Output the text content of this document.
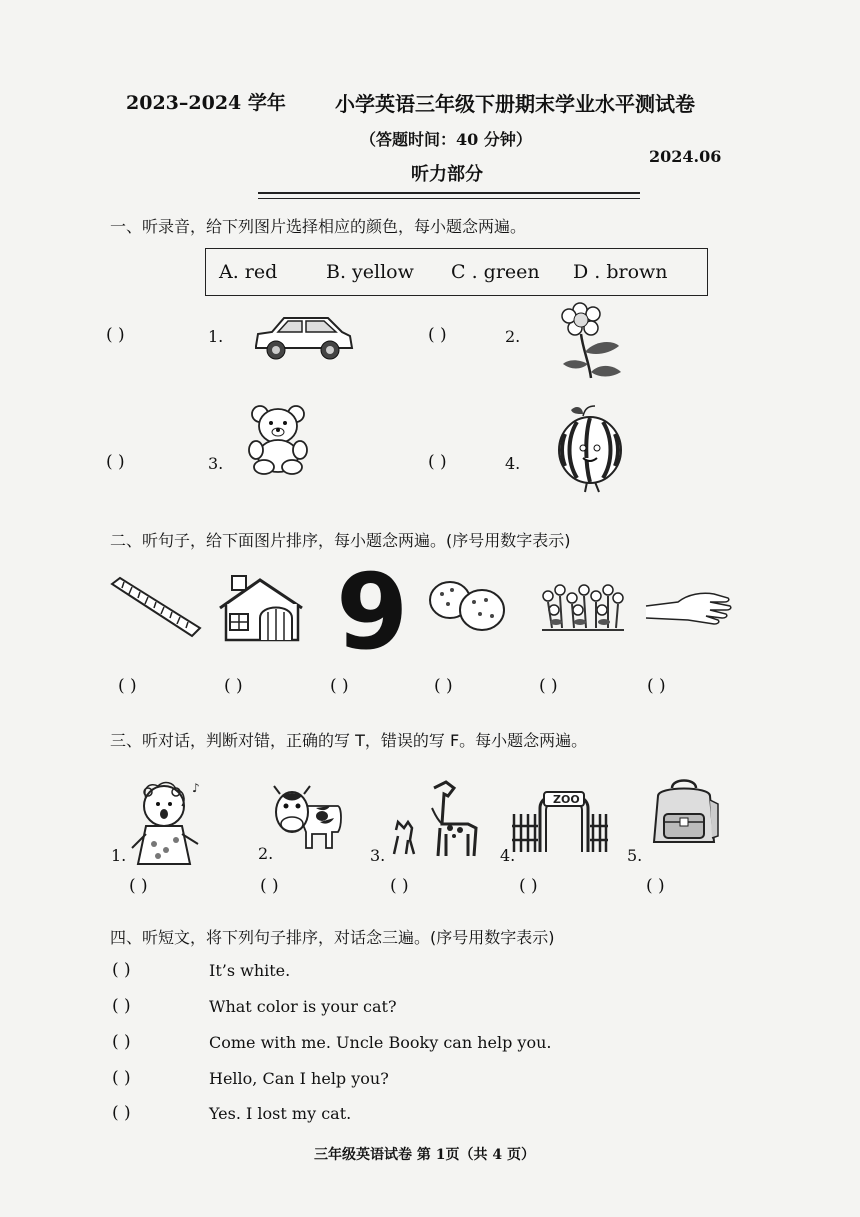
2023–2024 学年 小学英语三年级下册期末学业水平测试卷
（答题时间：40 分钟）
2024.06
听力部分
一、听录音，给下列图片选择相应的颜色，每小题念两遍。
A. red	B. yellow C . green D . brown
( )	1.	( )	2.
( )	3.	( )	4.
二、听句子，给下面图片排序，每小题念两遍。(序号用数字表示)
9
( )	( )	( )	( )	( )	( )
三、听对话，判断对错，正确的写 T，错误的写 F。每小题念两遍。
1.
♪
( )
2.
( )
3.
( )
4.
ZOO
( )
5.
( )
四、听短文，将下列句子排序，对话念三遍。(序号用数字表示)
( )	It’s white.
( )	What color is your cat?
( )	Come with me. Uncle Booky can help you.
( )	Hello, Can I help you?
( )	Yes. I lost my cat.
三年级英语试卷 第 1页（共 4 页）
